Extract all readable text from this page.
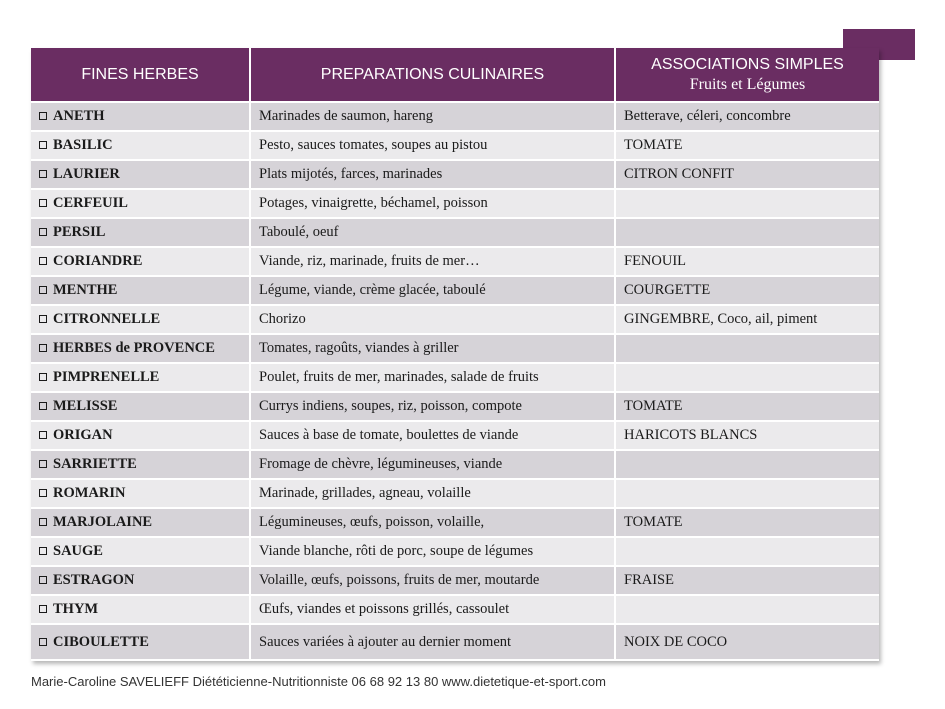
FINES HERBES	PREPARATIONS CULINAIRES	ASSOCIATIONS SIMPLES
Fruits et Légumes

ANETH	Marinades de saumon, hareng	Betterave, céleri, concombre
BASILIC	Pesto, sauces tomates, soupes au pistou	TOMATE
LAURIER	Plats mijotés, farces, marinades	CITRON CONFIT
CERFEUIL	Potages, vinaigrette, béchamel, poisson	
PERSIL	Taboulé, oeuf	
CORIANDRE	Viande, riz, marinade, fruits de mer…	FENOUIL
MENTHE	Légume, viande, crème glacée, taboulé	COURGETTE
CITRONNELLE	Chorizo	GINGEMBRE, Coco, ail, piment
HERBES de PROVENCE	Tomates, ragoûts, viandes à griller	
PIMPRENELLE	Poulet, fruits de mer, marinades, salade de fruits	
MELISSE	Currys indiens, soupes, riz, poisson, compote	TOMATE
ORIGAN	Sauces à base de tomate, boulettes de viande	HARICOTS BLANCS
SARRIETTE	Fromage de chèvre, légumineuses, viande	
ROMARIN	Marinade, grillades, agneau, volaille	
MARJOLAINE	Légumineuses, œufs, poisson, volaille,	TOMATE
SAUGE	Viande blanche, rôti de porc, soupe de légumes	
ESTRAGON	Volaille, œufs, poissons, fruits de mer, moutarde	FRAISE
THYM	Œufs, viandes et poissons grillés, cassoulet	
CIBOULETTE	Sauces variées à ajouter au dernier moment	NOIX DE COCO
Marie-Caroline SAVELIEFF Diététicienne-Nutritionniste 06 68 92 13 80 www.dietetique-et-sport.com
